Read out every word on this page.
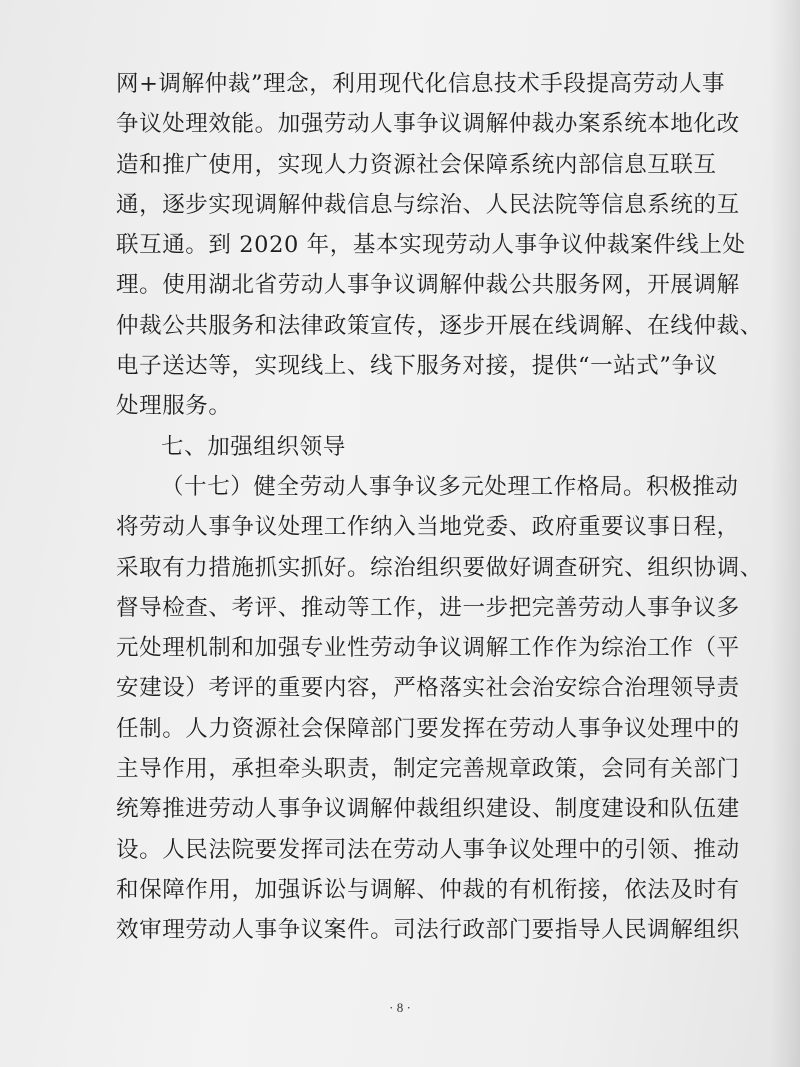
网+调解仲裁”理念，利用现代化信息技术手段提高劳动人事
争议处理效能。加强劳动人事争议调解仲裁办案系统本地化改
造和推广使用，实现人力资源社会保障系统内部信息互联互
通，逐步实现调解仲裁信息与综治、人民法院等信息系统的互
联互通。到 2020 年，基本实现劳动人事争议仲裁案件线上处
理。使用湖北省劳动人事争议调解仲裁公共服务网，开展调解
仲裁公共服务和法律政策宣传，逐步开展在线调解、在线仲裁、
电子送达等，实现线上、线下服务对接，提供“一站式”争议
处理服务。
七、加强组织领导
（十七）健全劳动人事争议多元处理工作格局。积极推动
将劳动人事争议处理工作纳入当地党委、政府重要议事日程，
采取有力措施抓实抓好。综治组织要做好调查研究、组织协调、
督导检查、考评、推动等工作，进一步把完善劳动人事争议多
元处理机制和加强专业性劳动争议调解工作作为综治工作（平
安建设）考评的重要内容，严格落实社会治安综合治理领导责
任制。人力资源社会保障部门要发挥在劳动人事争议处理中的
主导作用，承担牵头职责，制定完善规章政策，会同有关部门
统筹推进劳动人事争议调解仲裁组织建设、制度建设和队伍建
设。人民法院要发挥司法在劳动人事争议处理中的引领、推动
和保障作用，加强诉讼与调解、仲裁的有机衔接，依法及时有
效审理劳动人事争议案件。司法行政部门要指导人民调解组织
· 8 ·
